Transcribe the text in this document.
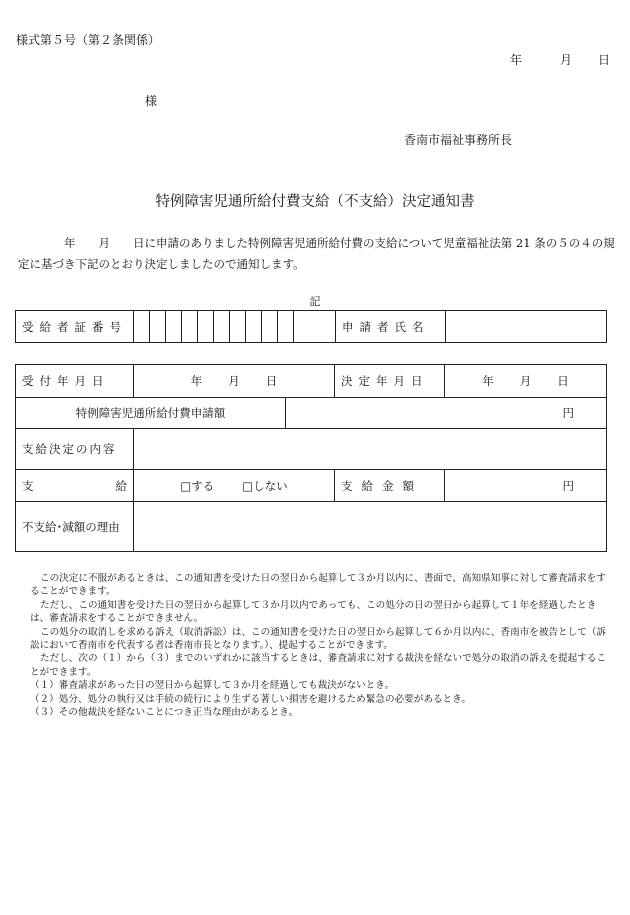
様式第５号（第２条関係）
年	月 日
様
香南市福祉事務所長
特例障害児通所給付費支給（不支給）決定通知書
　　　　年　　月　　日に申請のありました特例障害児通所給付費の支給について児童福祉法第 21 条の５の４の規定に基づき下記のとおり決定しましたので通知します。
記
受給者証番号												申請者氏名	
受付年月日	年 月 日		決定年月日	年 月 日

特例障害児通所給付費申請額		円		
支給決定の内容				

支 給	□する □しない		支給金額	円
不支給･減額の理由				

この決定に不服があるときは、この通知書を受けた日の翌日から起算して３か月以内に、書面で、高知県知事に対して審査請求をすることができます。

ただし、この通知書を受けた日の翌日から起算して３か月以内であっても、この処分の日の翌日から起算して１年を経過したときは、審査請求をすることができません。

この処分の取消しを求める訴え（取消訴訟）は、この通知書を受けた日の翌日から起算して６か月以内に、香南市を被告として（訴訟において香南市を代表する者は香南市長となります。）、提起することができます。

ただし、次の（１）から（３）までのいずれかに該当するときは、審査請求に対する裁決を経ないで処分の取消の訴えを提起することができます。

（１）審査請求があった日の翌日から起算して３か月を経過しても裁決がないとき。

（２）処分、処分の執行又は手続の続行により生ずる著しい損害を避けるため緊急の必要があるとき。

（３）その他裁決を経ないことにつき正当な理由があるとき。
